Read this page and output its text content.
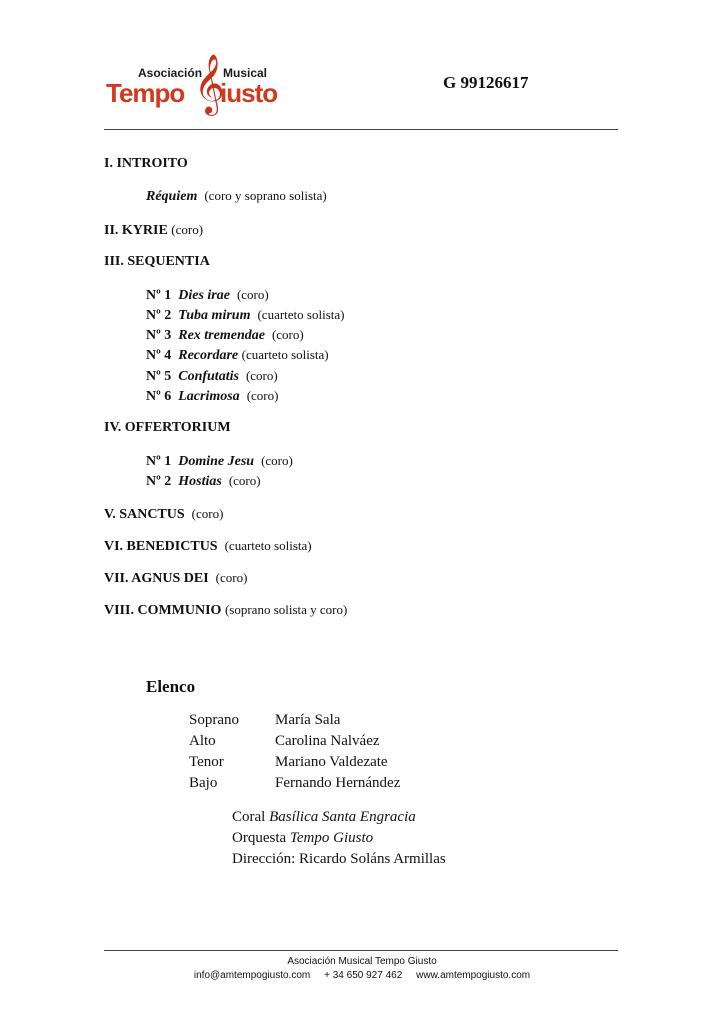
Asociación Musical
Tempo 𝄞
iusto	G 99126617
I. INTROITO
Réquiem (coro y soprano solista)
II. KYRIE (coro)
III. SEQUENTIA
Nº 1 Dies irae (coro)
Nº 2 Tuba mirum (cuarteto solista)
Nº 3 Rex tremendae (coro)
Nº 4 Recordare (cuarteto solista)
Nº 5 Confutatis (coro)
Nº 6 Lacrimosa (coro)
IV. OFFERTORIUM
Nº 1 Domine Jesu (coro)
Nº 2 Hostias (coro)
V. SANCTUS (coro)
VI. BENEDICTUS (cuarteto solista)
VII. AGNUS DEI (coro)
VIII. COMMUNIO (soprano solista y coro)
Elenco
Soprano María Sala
Alto	Carolina Nalváez
Tenor	Mariano Valdezate
Bajo	Fernando Hernández
Coral Basílica Santa Engracia
Orquesta Tempo Giusto
Dirección: Ricardo Soláns Armillas
Asociación Musical Tempo Giusto
info@amtempogiusto.com + 34 650 927 462 www.amtempogiusto.com
